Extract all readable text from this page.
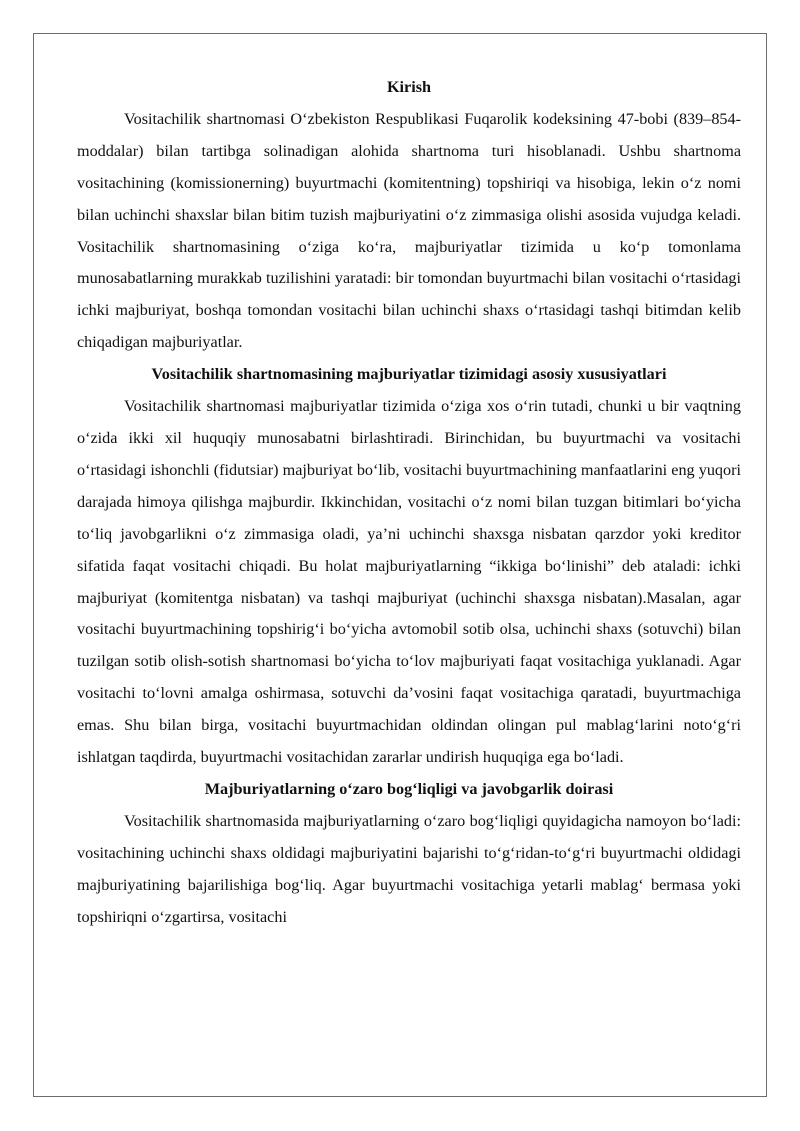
Kirish

Vositachilik shartnomasi O‘zbekiston Respublikasi Fuqarolik kodeksining 47-bobi (839–854-moddalar) bilan tartibga solinadigan alohida shartnoma turi hisoblanadi. Ushbu shartnoma vositachining (komissionerning) buyurtmachi (komitentning) topshiriqi va hisobiga, lekin o‘z nomi bilan uchinchi shaxslar bilan bitim tuzish majburiyatini o‘z zimmasiga olishi asosida vujudga keladi. Vositachilik shartnomasining o‘ziga ko‘ra, majburiyatlar tizimida u ko‘p tomonlama munosabatlarning murakkab tuzilishini yaratadi: bir tomondan buyurtmachi bilan vositachi o‘rtasidagi ichki majburiyat, boshqa tomondan vositachi bilan uchinchi shaxs o‘rtasidagi tashqi bitimdan kelib chiqadigan majburiyatlar.

Vositachilik shartnomasining majburiyatlar tizimidagi asosiy xususiyatlari

Vositachilik shartnomasi majburiyatlar tizimida o‘ziga xos o‘rin tutadi, chunki u bir vaqtning o‘zida ikki xil huquqiy munosabatni birlashtiradi. Birinchidan, bu buyurtmachi va vositachi o‘rtasidagi ishonchli (fidutsiar) majburiyat bo‘lib, vositachi buyurtmachining manfaatlarini eng yuqori darajada himoya qilishga majburdir. Ikkinchidan, vositachi o‘z nomi bilan tuzgan bitimlari bo‘yicha to‘liq javobgarlikni o‘z zimmasiga oladi, ya’ni uchinchi shaxsga nisbatan qarzdor yoki kreditor sifatida faqat vositachi chiqadi. Bu holat majburiyatlarning “ikkiga bo‘linishi” deb ataladi: ichki majburiyat (komitentga nisbatan) va tashqi majburiyat (uchinchi shaxsga nisbatan).Masalan, agar vositachi buyurtmachining topshirig‘i bo‘yicha avtomobil sotib olsa, uchinchi shaxs (sotuvchi) bilan tuzilgan sotib olish-sotish shartnomasi bo‘yicha to‘lov majburiyati faqat vositachiga yuklanadi. Agar vositachi to‘lovni amalga oshirmasa, sotuvchi da’vosini faqat vositachiga qaratadi, buyurtmachiga emas. Shu bilan birga, vositachi buyurtmachidan oldindan olingan pul mablag‘larini noto‘g‘ri ishlatgan taqdirda, buyurtmachi vositachidan zararlar undirish huquqiga ega bo‘ladi.

Majburiyatlarning o‘zaro bog‘liqligi va javobgarlik doirasi

Vositachilik shartnomasida majburiyatlarning o‘zaro bog‘liqligi quyidagicha namoyon bo‘ladi: vositachining uchinchi shaxs oldidagi majburiyatini bajarishi to‘g‘ridan-to‘g‘ri buyurtmachi oldidagi majburiyatining bajarilishiga bog‘liq. Agar buyurtmachi vositachiga yetarli mablag‘ bermasa yoki topshiriqni o‘zgartirsa, vositachi
